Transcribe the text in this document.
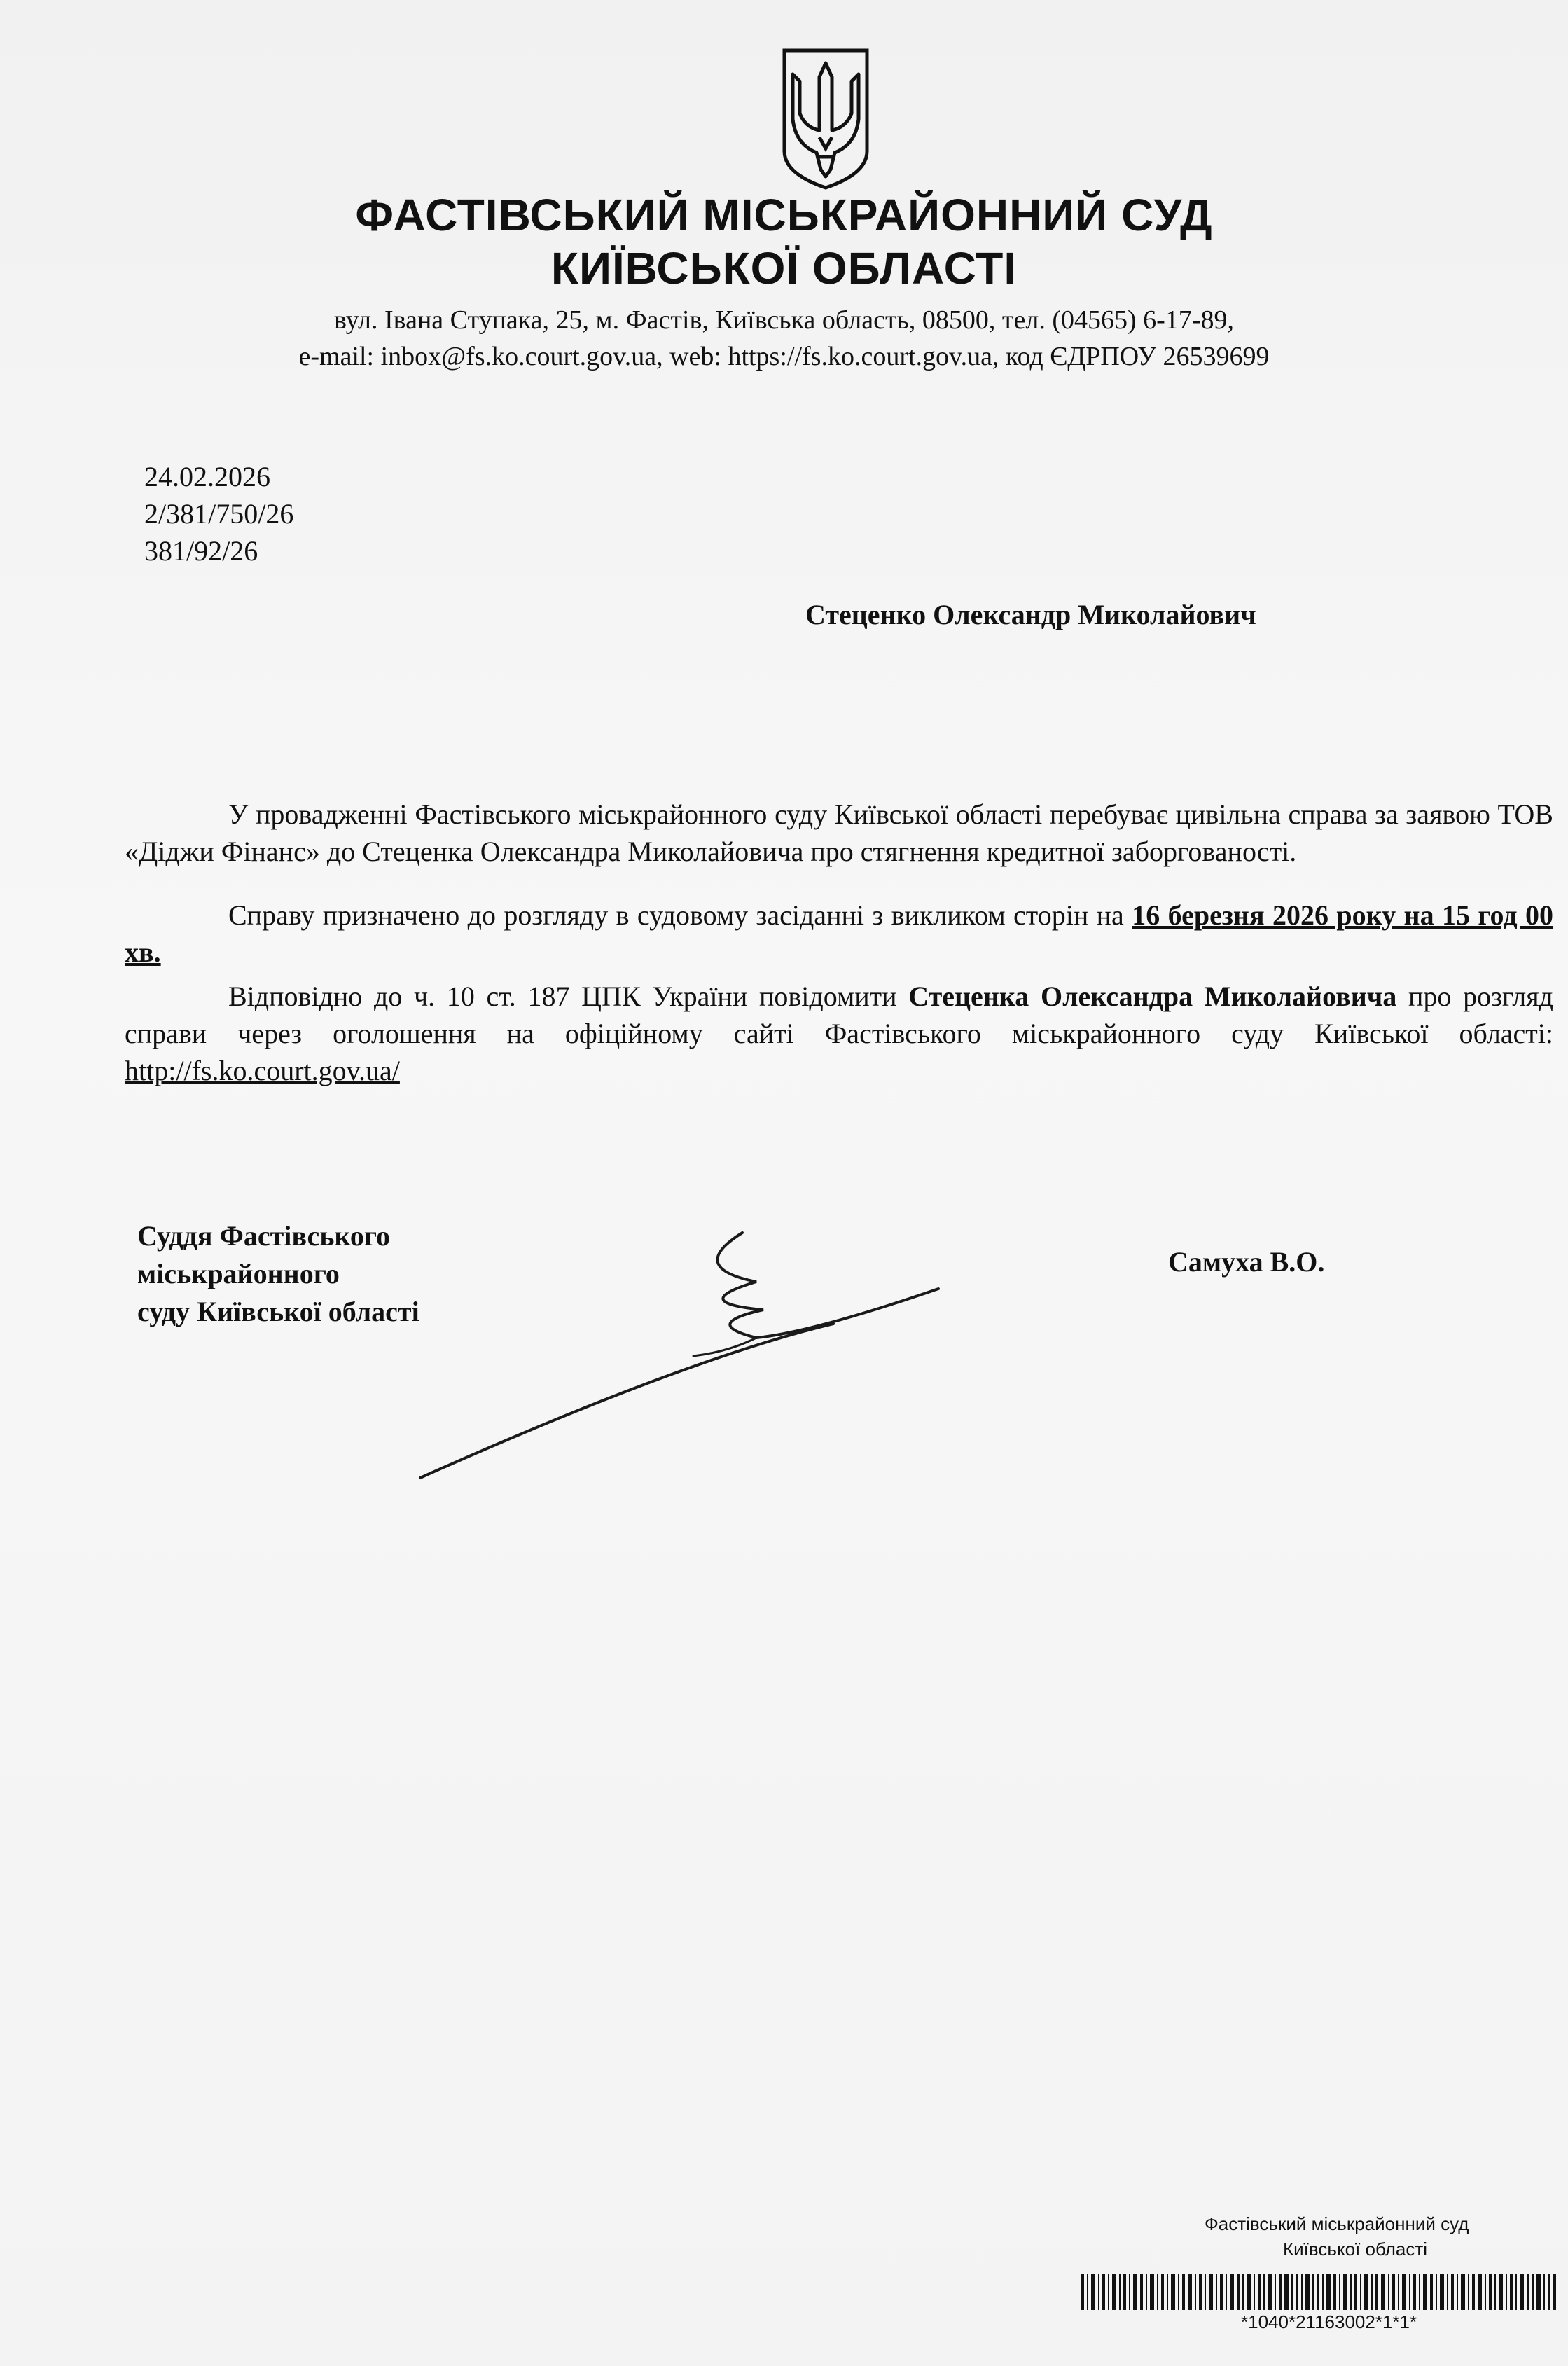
ФАСТІВСЬКИЙ МІСЬКРАЙОННИЙ СУД
КИЇВСЬКОЇ ОБЛАСТІ
вул. Івана Ступака, 25, м. Фастів, Київська область, 08500, тел. (04565) 6-17-89,
e-mail: inbox@fs.ko.court.gov.ua, web: https://fs.ko.court.gov.ua, код ЄДРПОУ 26539699
24.02.2026
2/381/750/26
381/92/26
Стеценко Олександр Миколайович
У провадженні Фастівського міськрайонного суду Київської області перебуває цивільна справа за заявою ТОВ «Діджи Фінанс» до Стеценка Олександра Миколайовича про стягнення кредитної заборгованості.
Справу призначено до розгляду в судовому засіданні з викликом сторін на 16 березня 2026 року на 15 год 00 хв.
Відповідно до ч. 10 ст. 187 ЦПК України повідомити Стеценка Олександра Миколайовича про розгляд справи через оголошення на офіційному сайті Фастівського міськрайонного суду Київської області: http://fs.ko.court.gov.ua/
Суддя Фастівського
міськрайонного
суду Київської області
Самуха В.О.
Фастівський міськрайонний суд
Київської області
*1040*21163002*1*1*
